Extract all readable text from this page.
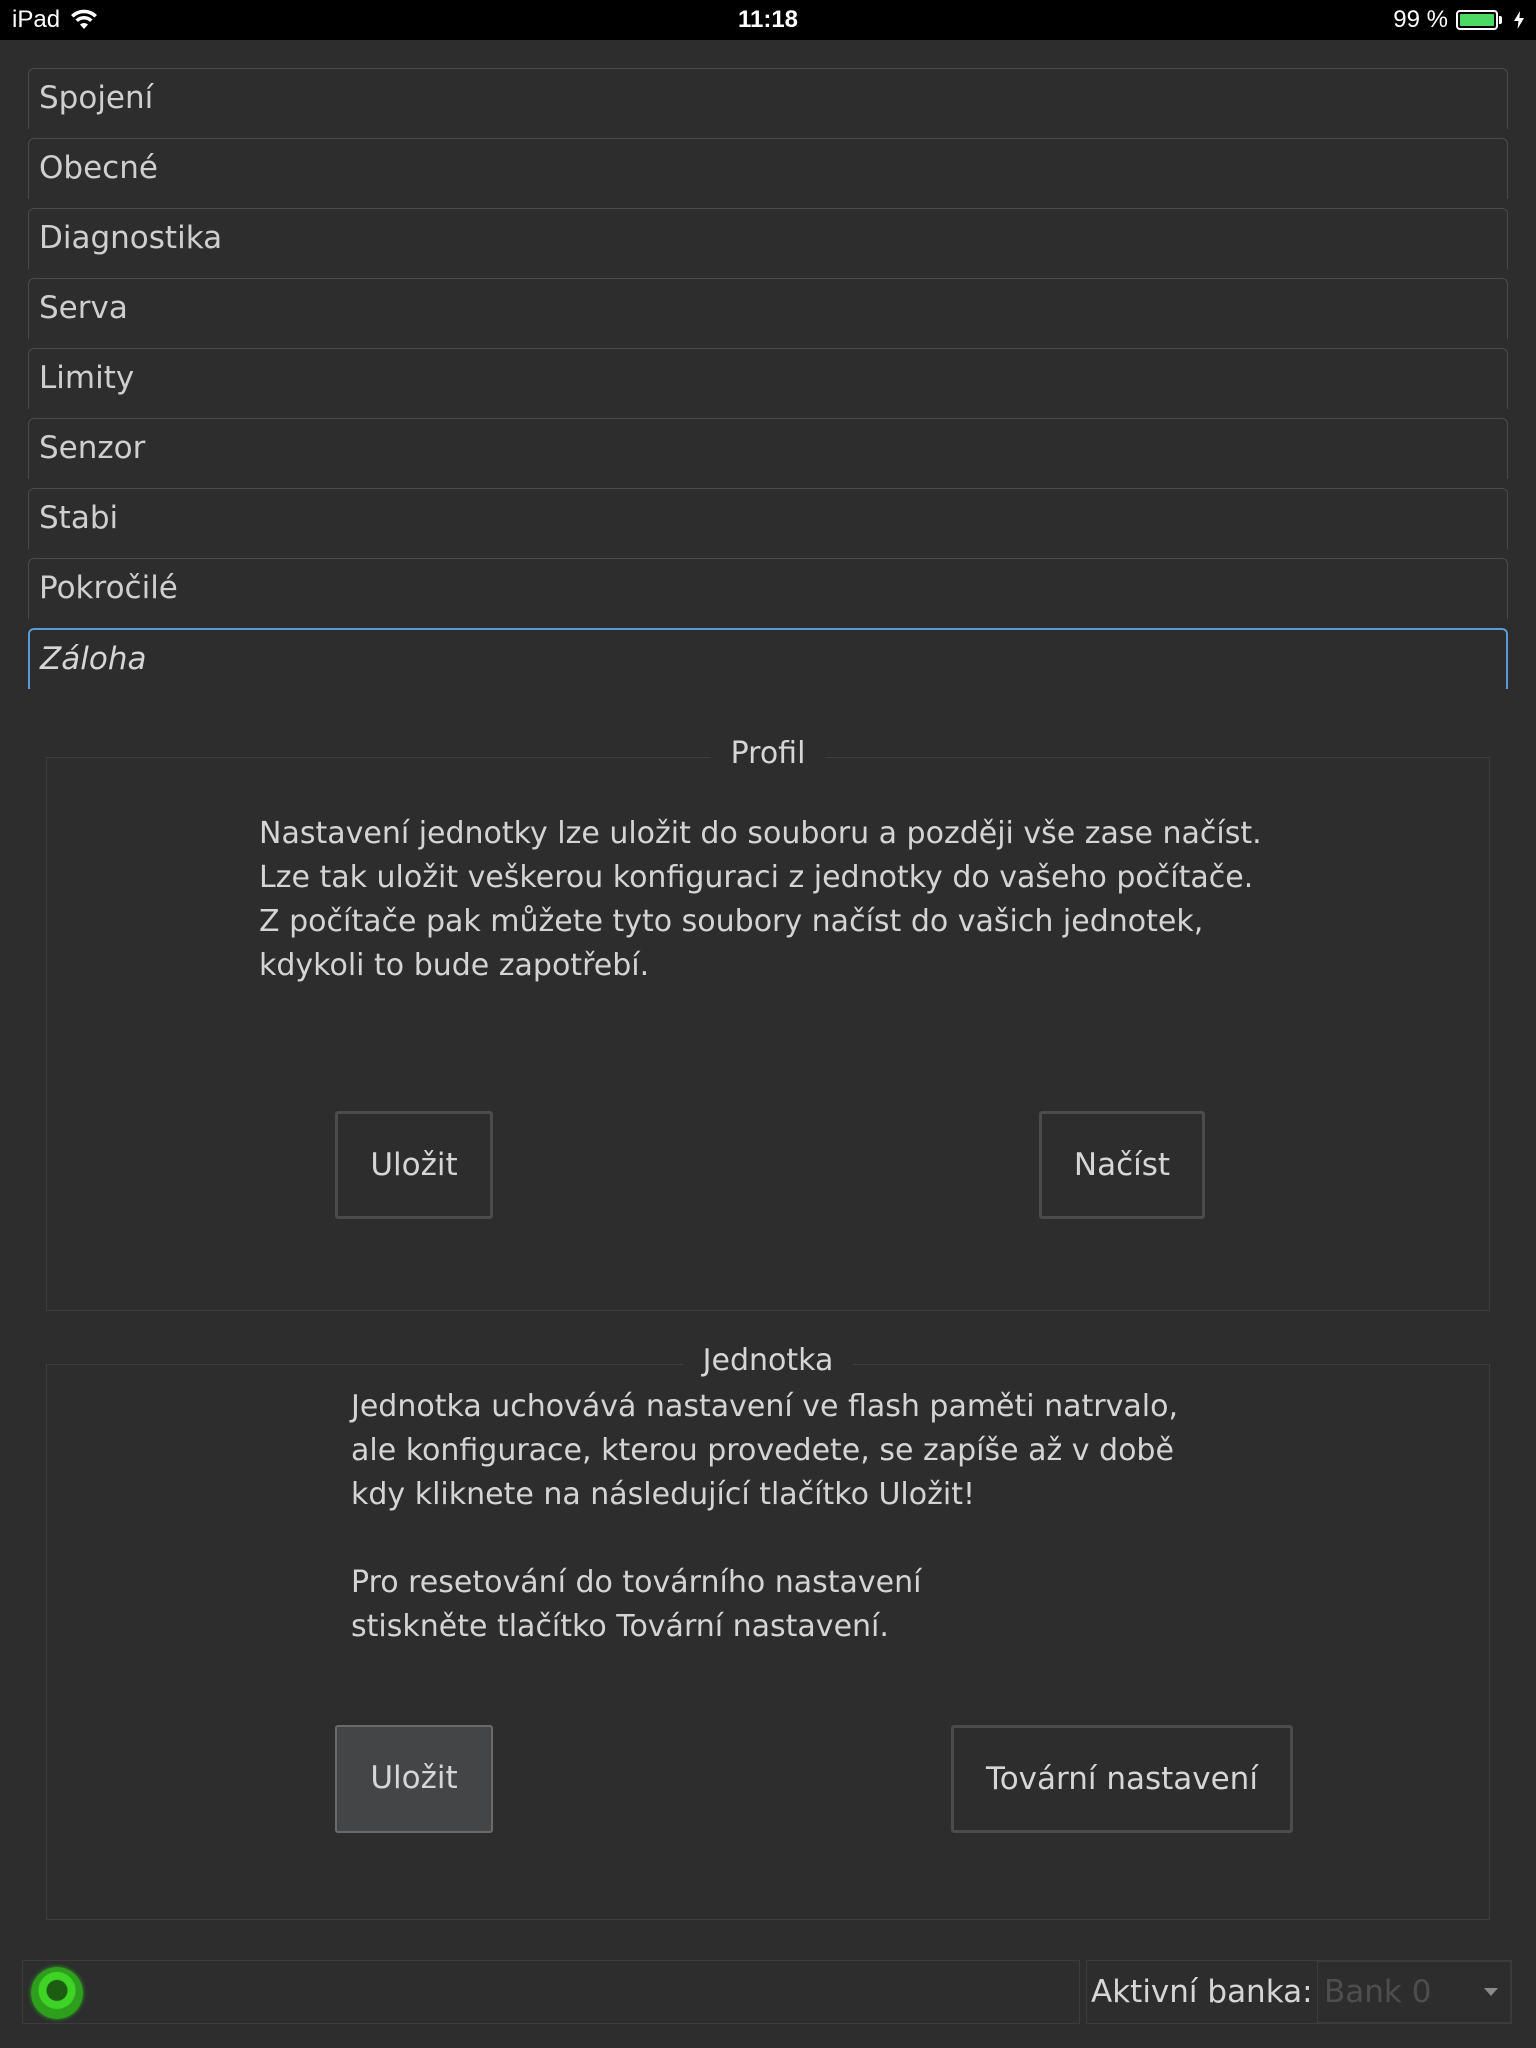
iPad	11:18	99 %
Spojení
Obecné
Diagnostika
Serva
Limity
Senzor
Stabi
Pokročilé
Záloha
Profil
Nastavení jednotky lze uložit do souboru a později vše zase načíst.
Lze tak uložit veškerou konfiguraci z jednotky do vašeho počítače.
Z počítače pak můžete tyto soubory načíst do vašich jednotek,
kdykoli to bude zapotřebí.
Uložit	Načíst
Jednotka
Jednotka uchovává nastavení ve flash paměti natrvalo,
ale konfigurace, kterou provedete, se zapíše až v době
kdy kliknete na následující tlačítko Uložit!

Pro resetování do továrního nastavení
stiskněte tlačítko Tovární nastavení.
Uložit	Tovární nastavení
Aktivní banka: Bank 0
